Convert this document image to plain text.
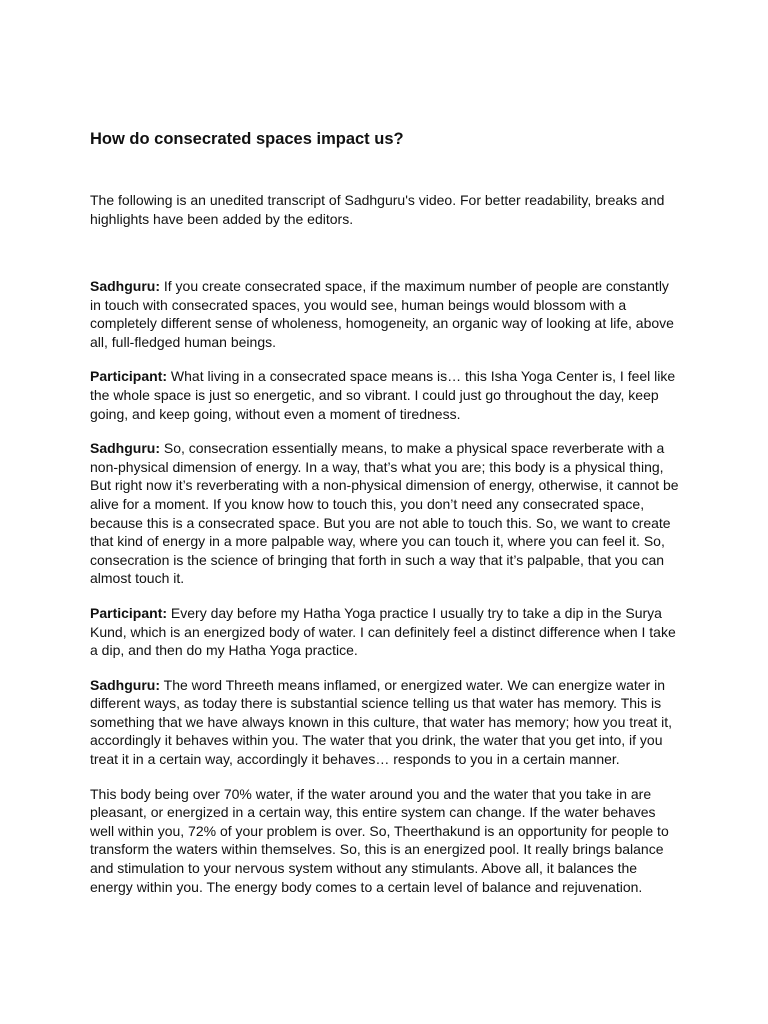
How do consecrated spaces impact us?

The following is an unedited transcript of Sadhguru's video. For better readability, breaks and highlights have been added by the editors.

Sadhguru: If you create consecrated space, if the maximum number of people are constantly in touch with consecrated spaces, you would see, human beings would blossom with a completely different sense of wholeness, homogeneity, an organic way of looking at life, above all, full-fledged human beings.

Participant: What living in a consecrated space means is… this Isha Yoga Center is, I feel like the whole space is just so energetic, and so vibrant. I could just go throughout the day, keep going, and keep going, without even a moment of tiredness.

Sadhguru: So, consecration essentially means, to make a physical space reverberate with a non-physical dimension of energy. In a way, that’s what you are; this body is a physical thing, But right now it’s reverberating with a non-physical dimension of energy, otherwise, it cannot be alive for a moment. If you know how to touch this, you don’t need any consecrated space, because this is a consecrated space. But you are not able to touch this. So, we want to create that kind of energy in a more palpable way, where you can touch it, where you can feel it. So, consecration is the science of bringing that forth in such a way that it’s palpable, that you can almost touch it.

Participant: Every day before my Hatha Yoga practice I usually try to take a dip in the Surya Kund, which is an energized body of water. I can definitely feel a distinct difference when I take a dip, and then do my Hatha Yoga practice.

Sadhguru: The word Threeth means inflamed, or energized water. We can energize water in different ways, as today there is substantial science telling us that water has memory. This is something that we have always known in this culture, that water has memory; how you treat it, accordingly it behaves within you. The water that you drink, the water that you get into, if you treat it in a certain way, accordingly it behaves… responds to you in a certain manner.

This body being over 70% water, if the water around you and the water that you take in are pleasant, or energized in a certain way, this entire system can change. If the water behaves well within you, 72% of your problem is over. So, Theerthakund is an opportunity for people to transform the waters within themselves. So, this is an energized pool. It really brings balance and stimulation to your nervous system without any stimulants. Above all, it balances the energy within you. The energy body comes to a certain level of balance and rejuvenation.
